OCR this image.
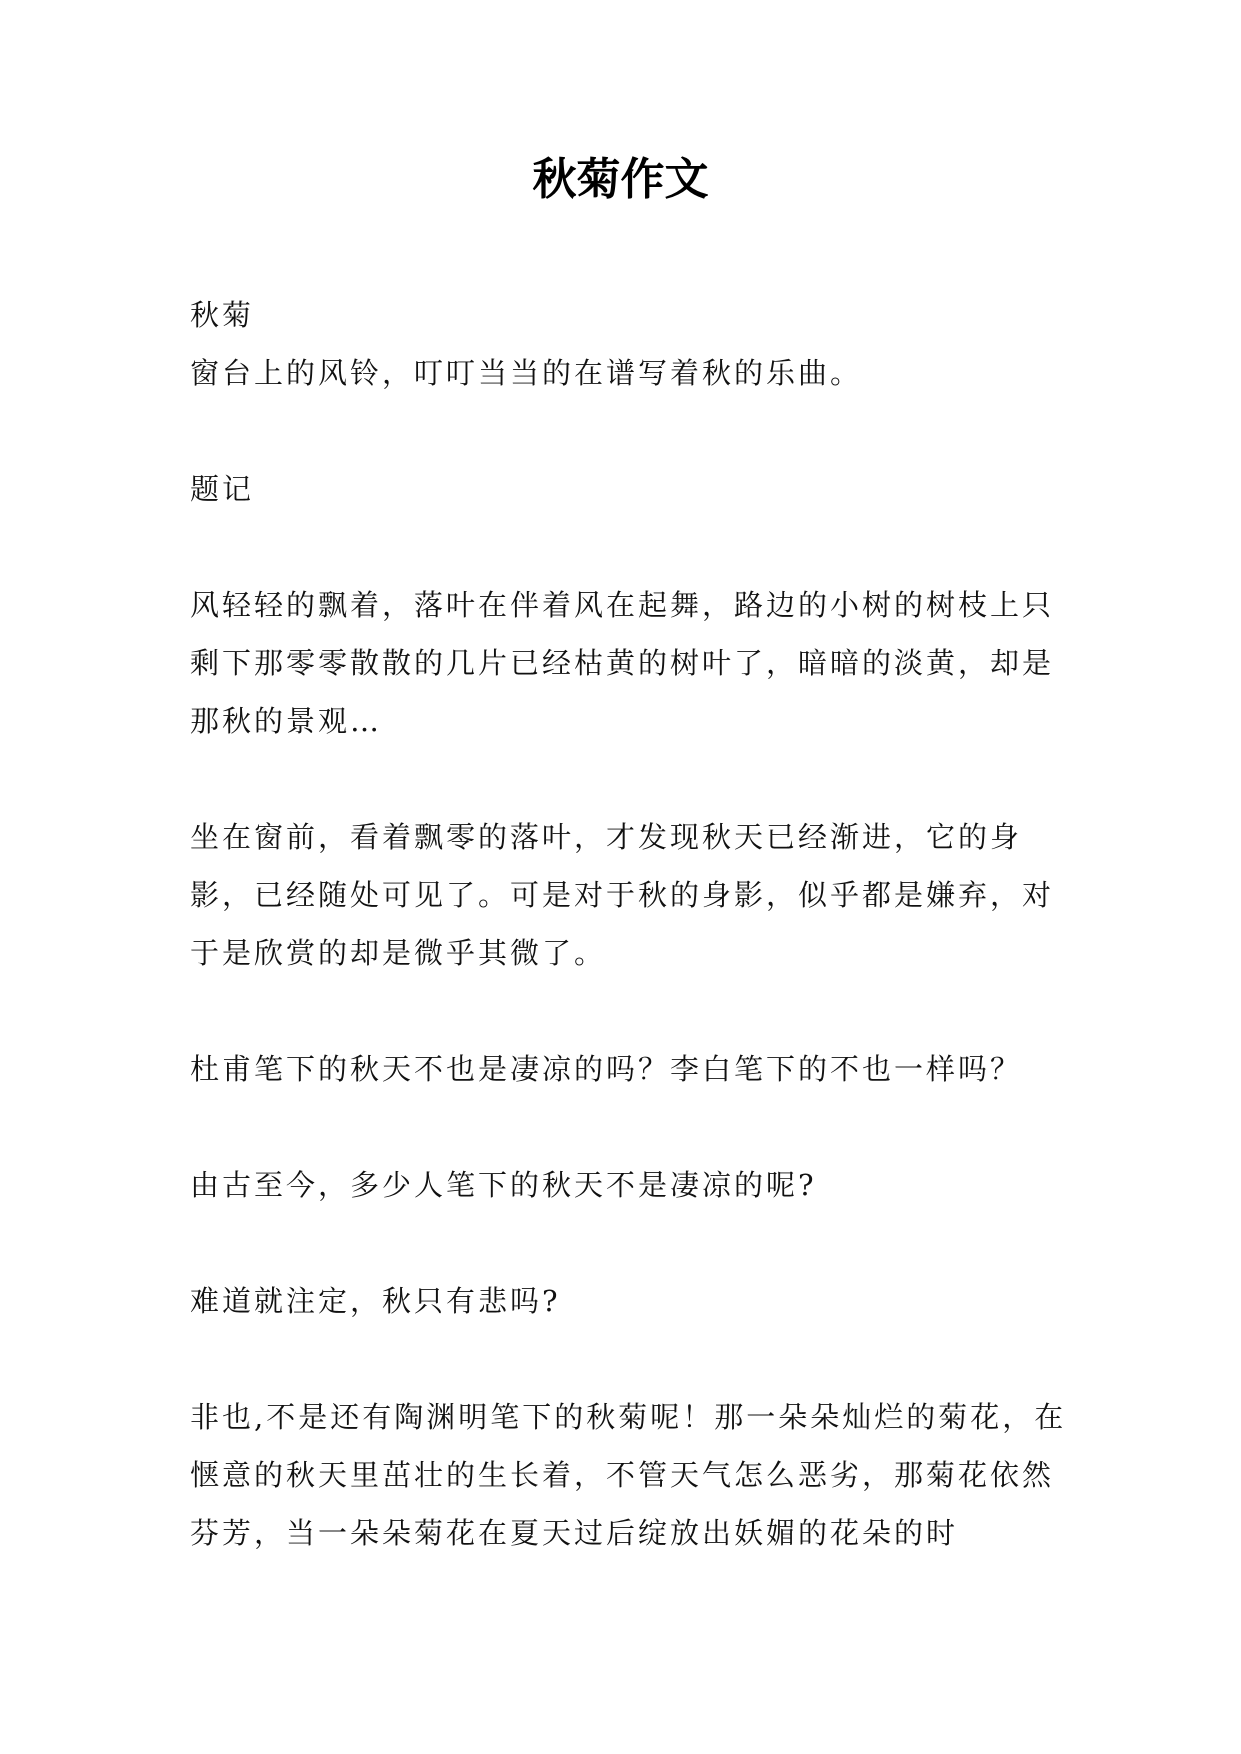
秋菊作文

秋菊

窗台上的风铃，叮叮当当的在谱写着秋的乐曲。

题记

风轻轻的飘着，落叶在伴着风在起舞，路边的小树的树枝上只剩下那零零散散的几片已经枯黄的树叶了，暗暗的淡黄，却是那秋的景观…

坐在窗前，看着飘零的落叶，才发现秋天已经渐进，它的身影，已经随处可见了。可是对于秋的身影，似乎都是嫌弃，对于是欣赏的却是微乎其微了。

杜甫笔下的秋天不也是凄凉的吗？李白笔下的不也一样吗？

由古至今，多少人笔下的秋天不是凄凉的呢?

难道就注定，秋只有悲吗?

非也,不是还有陶渊明笔下的秋菊呢！那一朵朵灿烂的菊花，在惬意的秋天里茁壮的生长着，不管天气怎么恶劣，那菊花依然芬芳，当一朵朵菊花在夏天过后绽放出妖媚的花朵的时
